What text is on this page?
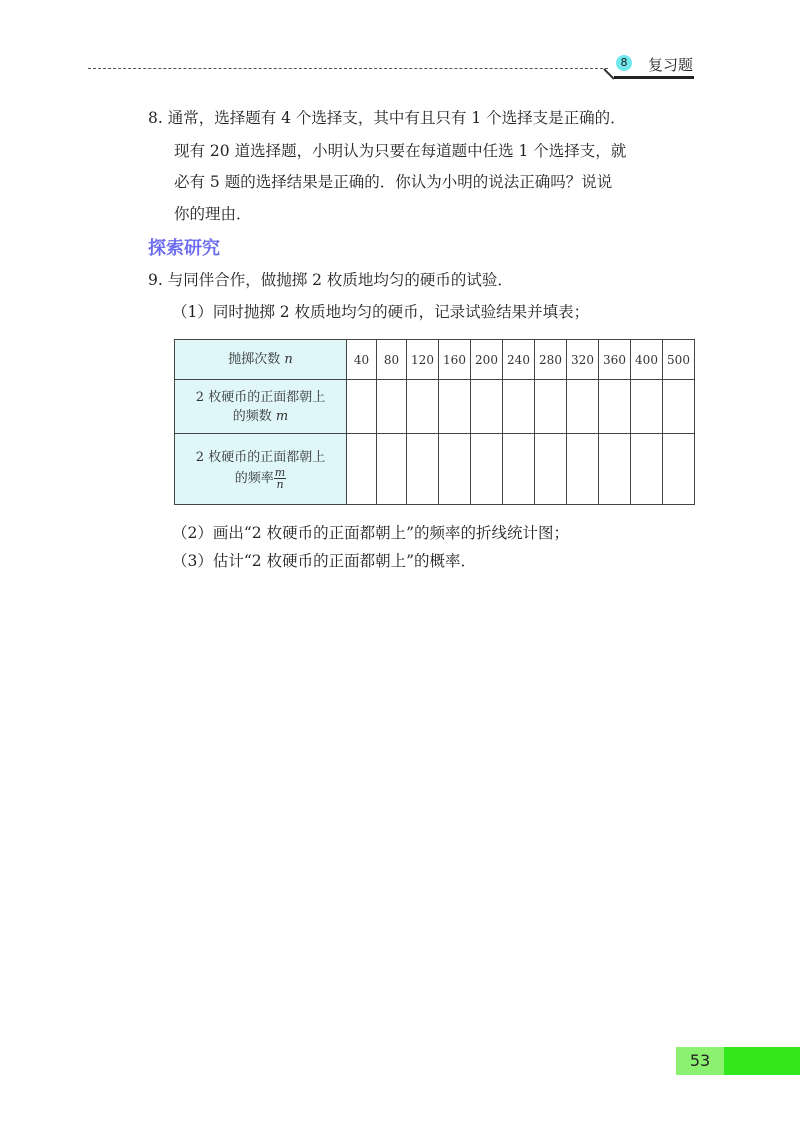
8	复习题
8. 通常，选择题有 4 个选择支，其中有且只有 1 个选择支是正确的．
现有 20 道选择题，小明认为只要在每道题中任选 1 个选择支，就
必有 5 题的选择结果是正确的．你认为小明的说法正确吗？说说
你的理由．
探索研究
9. 与同伴合作，做抛掷 2 枚质地均匀的硬币的试验．
（1）同时抛掷 2 枚质地均匀的硬币，记录试验结果并填表；
抛掷次数 n	40	80	120	160	200	240	280	320	360	400	500
2 枚硬币的正面都朝上
的频数 m											
2 枚硬币的正面都朝上
的频率 $\frac{m}{n}$

（2）画出“2 枚硬币的正面都朝上”的频率的折线统计图；
（3）估计“2 枚硬币的正面都朝上”的概率．
53
